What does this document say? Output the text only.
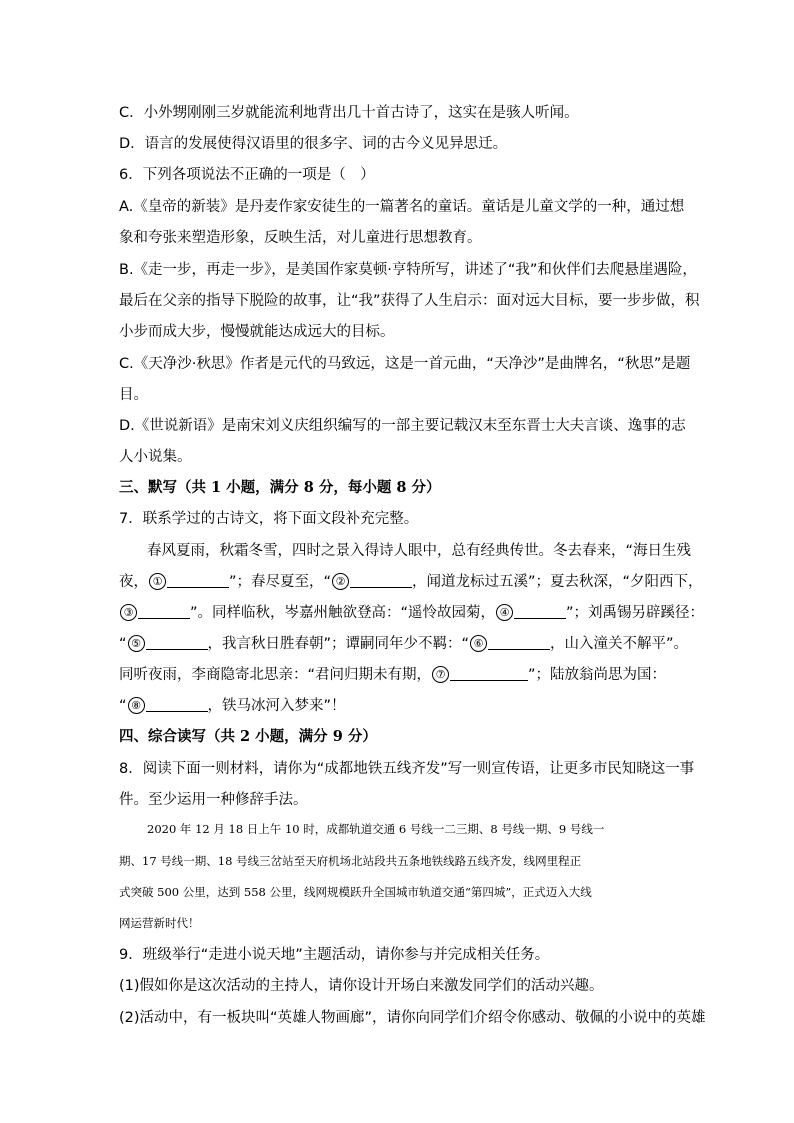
C．小外甥刚刚三岁就能流利地背出几十首古诗了，这实在是骇人听闻。
D．语言的发展使得汉语里的很多字、词的古今义见异思迁。
6．下列各项说法不正确的一项是（　）
A.《皇帝的新装》是丹麦作家安徒生的一篇著名的童话。童话是儿童文学的一种，通过想
象和夸张来塑造形象，反映生活，对儿童进行思想教育。
B.《走一步，再走一步》，是美国作家莫顿·亨特所写，讲述了“我”和伙伴们去爬悬崖遇险，
最后在父亲的指导下脱险的故事，让“我”获得了人生启示：面对远大目标，要一步步做，积
小步而成大步，慢慢就能达成远大的目标。
C.《天净沙·秋思》作者是元代的马致远，这是一首元曲，“天净沙”是曲牌名，“秋思”是题
目。
D.《世说新语》是南宋刘义庆组织编写的一部主要记载汉末至东晋士大夫言谈、逸事的志
人小说集。
三、默写（共 1 小题，满分 8 分，每小题 8 分）
7．联系学过的古诗文，将下面文段补充完整。
春风夏雨，秋霜冬雪，四时之景入得诗人眼中，总有经典传世。冬去春来，“海日生残
夜， ①	”；春尽夏至，“ ②	，闻道龙标过五溪”；夏去秋深，“夕阳西下，
③	”。同样临秋，岑嘉州触欲登高：“遥怜故园菊， ④	”；刘禹锡另辟蹊径：
“ ⑤	，我言秋日胜春朝”；谭嗣同年少不羁：“ ⑥	，山入潼关不解平”。
同听夜雨，李商隐寄北思亲：“君问归期未有期， ⑦	”；陆放翁尚思为国：
“ ⑧	，铁马冰河入梦来”！
四、综合读写（共 2 小题，满分 9 分）
8．阅读下面一则材料，请你为“成都地铁五线齐发”写一则宣传语，让更多市民知晓这一事
件。至少运用一种修辞手法。
2020 年 12 月 18 日上午 10 时，成都轨道交通 6 号线一二三期、8 号线一期、9 号线一
期、17 号线一期、18 号线三岔站至天府机场北站段共五条地铁线路五线齐发，线网里程正
式突破 500 公里，达到 558 公里，线网规模跃升全国城市轨道交通“第四城”，正式迈入大线
网运营新时代！
9．班级举行“走进小说天地”主题活动，请你参与并完成相关任务。
(1)假如你是这次活动的主持人，请你设计开场白来激发同学们的活动兴趣。
(2)活动中，有一板块叫“英雄人物画廊”，请你向同学们介绍令你感动、敬佩的小说中的英雄
